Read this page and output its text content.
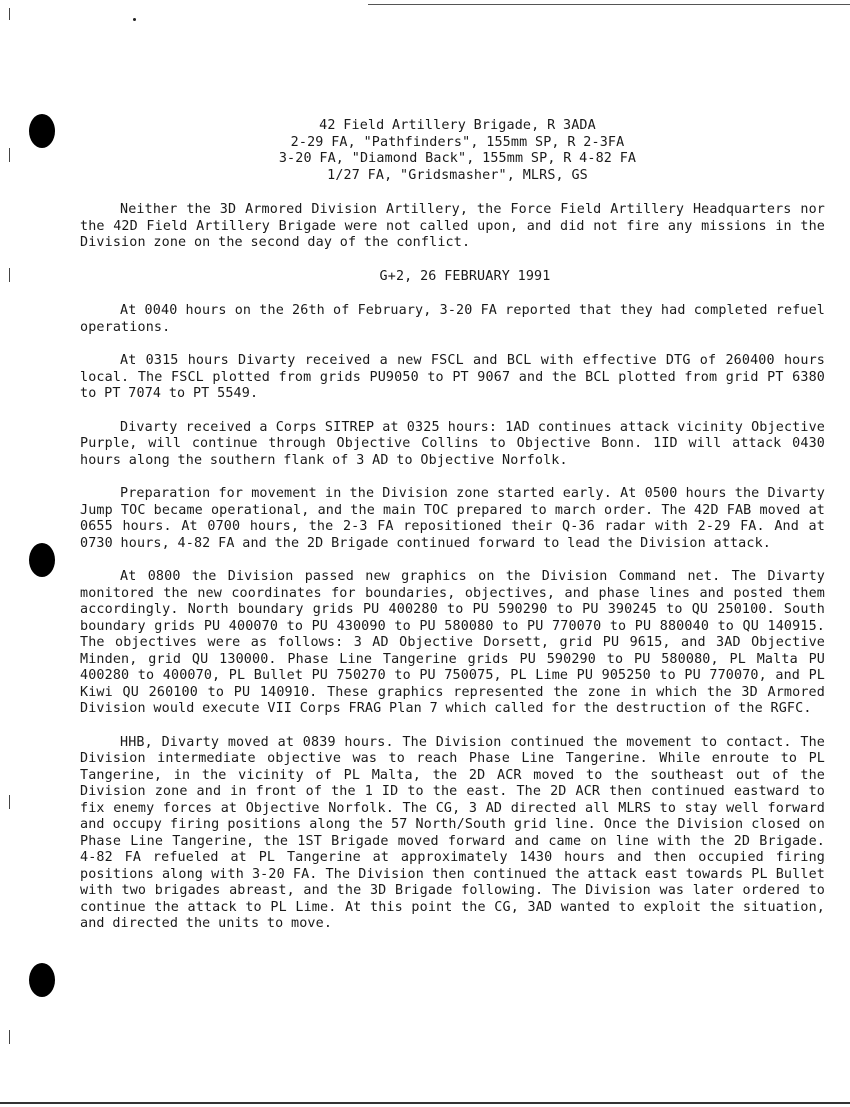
42 Field Artillery Brigade, R 3ADA
2-29 FA, "Pathfinders", 155mm SP, R 2-3FA
3-20 FA, "Diamond Back", 155mm SP, R 4-82 FA
1/27 FA, "Gridsmasher", MLRS, GS

Neither the 3D Armored Division Artillery, the Force Field Artillery Headquarters nor the 42D Field Artillery Brigade were not called upon, and did not fire any missions in the Division zone on the second day of the conflict.

G+2, 26 FEBRUARY 1991

At 0040 hours on the 26th of February, 3-20 FA reported that they had completed refuel operations.

At 0315 hours Divarty received a new FSCL and BCL with effective DTG of 260400 hours local. The FSCL plotted from grids PU9050 to PT 9067 and the BCL plotted from grid PT 6380 to PT 7074 to PT 5549.

Divarty received a Corps SITREP at 0325 hours: 1AD continues attack vicinity Objective Purple, will continue through Objective Collins to Objective Bonn. 1ID will attack 0430 hours along the southern flank of 3 AD to Objective Norfolk.

Preparation for movement in the Division zone started early. At 0500 hours the Divarty Jump TOC became operational, and the main TOC prepared to march order. The 42D FAB moved at 0655 hours. At 0700 hours, the 2-3 FA repositioned their Q-36 radar with 2-29 FA. And at 0730 hours, 4-82 FA and the 2D Brigade continued forward to lead the Division attack.

At 0800 the Division passed new graphics on the Division Command net. The Divarty monitored the new coordinates for boundaries, objectives, and phase lines and posted them accordingly. North boundary grids PU 400280 to PU 590290 to PU 390245 to QU 250100. South boundary grids PU 400070 to PU 430090 to PU 580080 to PU 770070 to PU 880040 to QU 140915. The objectives were as follows: 3 AD Objective Dorsett, grid PU 9615, and 3AD Objective Minden, grid QU 130000. Phase Line Tangerine grids PU 590290 to PU 580080, PL Malta PU 400280 to 400070, PL Bullet PU 750270 to PU 750075, PL Lime PU 905250 to PU 770070, and PL Kiwi QU 260100 to PU 140910. These graphics represented the zone in which the 3D Armored Division would execute VII Corps FRAG Plan 7 which called for the destruction of the RGFC.

HHB, Divarty moved at 0839 hours. The Division continued the movement to contact. The Division intermediate objective was to reach Phase Line Tangerine. While enroute to PL Tangerine, in the vicinity of PL Malta, the 2D ACR moved to the southeast out of the Division zone and in front of the 1 ID to the east. The 2D ACR then continued eastward to fix enemy forces at Objective Norfolk. The CG, 3 AD directed all MLRS to stay well forward and occupy firing positions along the 57 North/South grid line. Once the Division closed on Phase Line Tangerine, the 1ST Brigade moved forward and came on line with the 2D Brigade. 4-82 FA refueled at PL Tangerine at approximately 1430 hours and then occupied firing positions along with 3-20 FA. The Division then continued the attack east towards PL Bullet with two brigades abreast, and the 3D Brigade following. The Division was later ordered to continue the attack to PL Lime. At this point the CG, 3AD wanted to exploit the situation, and directed the units to move.
